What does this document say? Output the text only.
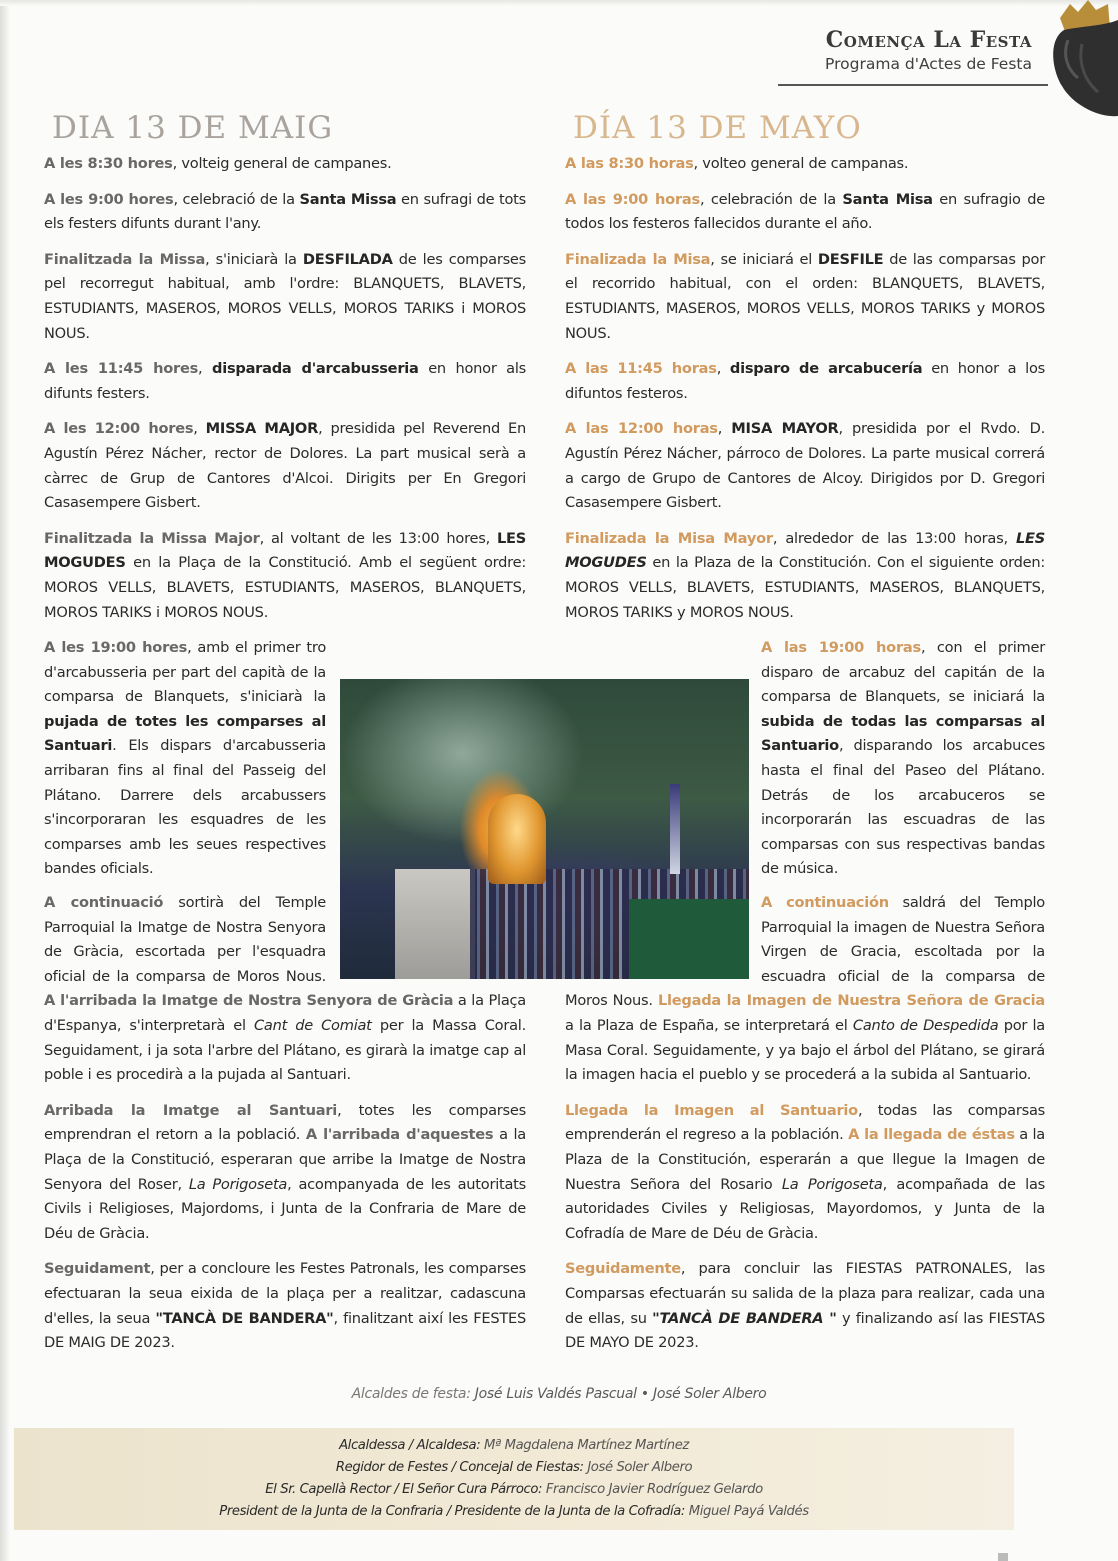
Comença La Festa
Programa d'Actes de Festa
DIA 13 DE MAIG

A les 8:30 hores, volteig general de campanes.

A les 9:00 hores, celebració de la Santa Missa en sufragi de tots els festers difunts durant l'any.

Finalitzada la Missa, s'iniciarà la DESFILADA de les comparses pel recorregut habitual, amb l'ordre: BLANQUETS, BLAVETS, ESTUDIANTS, MASEROS, MOROS VELLS, MOROS TARIKS i MOROS NOUS.

A les 11:45 hores, disparada d'arcabusseria en honor als difunts festers.

A les 12:00 hores, MISSA MAJOR, presidida pel Reverend En Agustín Pérez Nácher, rector de Dolores. La part musical serà a càrrec de Grup de Cantores d'Alcoi. Dirigits per En Gregori Casasempere Gisbert.

Finalitzada la Missa Major, al voltant de les 13:00 hores, LES MOGUDES en la Plaça de la Constitució. Amb el següent ordre: MOROS VELLS, BLAVETS, ESTUDIANTS, MASEROS, BLANQUETS, MOROS TARIKS i MOROS NOUS.

A les 19:00 hores, amb el primer tro d'arcabusseria per part del capità de la comparsa de Blanquets, s'iniciarà la pujada de totes les comparses al Santuari. Els dispars d'arcabusseria arribaran fins al final del Passeig del Plátano. Darrere dels arcabussers s'incorporaran les esquadres de les comparses amb les seues respectives bandes oficials.

A continuació sortirà del Temple Parroquial la Imatge de Nostra Senyora de Gràcia, escortada per l'esquadra oficial de la comparsa de Moros Nous. A l'arribada la Imatge de Nostra Senyora de Gràcia a la Plaça d'Espanya, s'interpretarà el Cant de Comiat per la Massa Coral. Seguidament, i ja sota l'arbre del Plátano, es girarà la imatge cap al poble i es procedirà a la pujada al Santuari.

Arribada la Imatge al Santuari, totes les comparses emprendran el retorn a la població. A l'arribada d'aquestes a la Plaça de la Constitució, esperaran que arribe la Imatge de Nostra Senyora del Roser, La Porigoseta, acompanyada de les autoritats Civils i Religioses, Majordoms, i Junta de la Confraria de Mare de Déu de Gràcia.

Seguidament, per a concloure les Festes Patronals, les comparses efectuaran la seua eixida de la plaça per a realitzar, cadascuna d'elles, la seua "TANCÀ DE BANDERA", finalitzant així les FESTES DE MAIG DE 2023.

DÍA 13 DE MAYO

A las 8:30 horas, volteo general de campanas.

A las 9:00 horas, celebración de la Santa Misa en sufragio de todos los festeros fallecidos durante el año.

Finalizada la Misa, se iniciará el DESFILE de las comparsas por el recorrido habitual, con el orden: BLANQUETS, BLAVETS, ESTUDIANTS, MASEROS, MOROS VELLS, MOROS TARIKS y MOROS NOUS.

A las 11:45 horas, disparo de arcabucería en honor a los difuntos festeros.

A las 12:00 horas, MISA MAYOR, presidida por el Rvdo. D. Agustín Pérez Nácher, párroco de Dolores. La parte musical correrá a cargo de Grupo de Cantores de Alcoy. Dirigidos por D. Gregori Casasempere Gisbert.

Finalizada la Misa Mayor, alrededor de las 13:00 horas, LES MOGUDES en la Plaza de la Constitución. Con el siguiente orden: MOROS VELLS, BLAVETS, ESTUDIANTS, MASEROS, BLANQUETS, MOROS TARIKS y MOROS NOUS.

A las 19:00 horas, con el primer disparo de arcabuz del capitán de la comparsa de Blanquets, se iniciará la subida de todas las comparsas al Santuario, disparando los arcabuces hasta el final del Paseo del Plátano. Detrás de los arcabuceros se incorporarán las escuadras de las comparsas con sus respectivas bandas de música.

A continuación saldrá del Templo Parroquial la imagen de Nuestra Señora Virgen de Gracia, escoltada por la escuadra oficial de la comparsa de Moros Nous. Llegada la Imagen de Nuestra Señora de Gracia a la Plaza de España, se interpretará el Canto de Despedida por la Masa Coral. Seguidamente, y ya bajo el árbol del Plátano, se girará la imagen hacia el pueblo y se procederá a la subida al Santuario.

Llegada la Imagen al Santuario, todas las comparsas emprenderán el regreso a la población. A la llegada de éstas a la Plaza de la Constitución, esperarán a que llegue la Imagen de Nuestra Señora del Rosario La Porigoseta, acompañada de las autoridades Civiles y Religiosas, Mayordomos, y Junta de la Cofradía de Mare de Déu de Gràcia.

Seguidamente, para concluir las FIESTAS PATRONALES, las Comparsas efectuarán su salida de la plaza para realizar, cada una de ellas, su "TANCÀ DE BANDERA " y finalizando así las FIESTAS DE MAYO DE 2023.

Alcaldes de festa: José Luis Valdés Pascual • José Soler Albero
Alcaldessa / Alcaldesa: Mª Magdalena Martínez Martínez
Regidor de Festes / Concejal de Fiestas: José Soler Albero
El Sr. Capellà Rector / El Señor Cura Párroco: Francisco Javier Rodríguez Gelardo
President de la Junta de la Confraria / Presidente de la Junta de la Cofradía: Miguel Payá Valdés
